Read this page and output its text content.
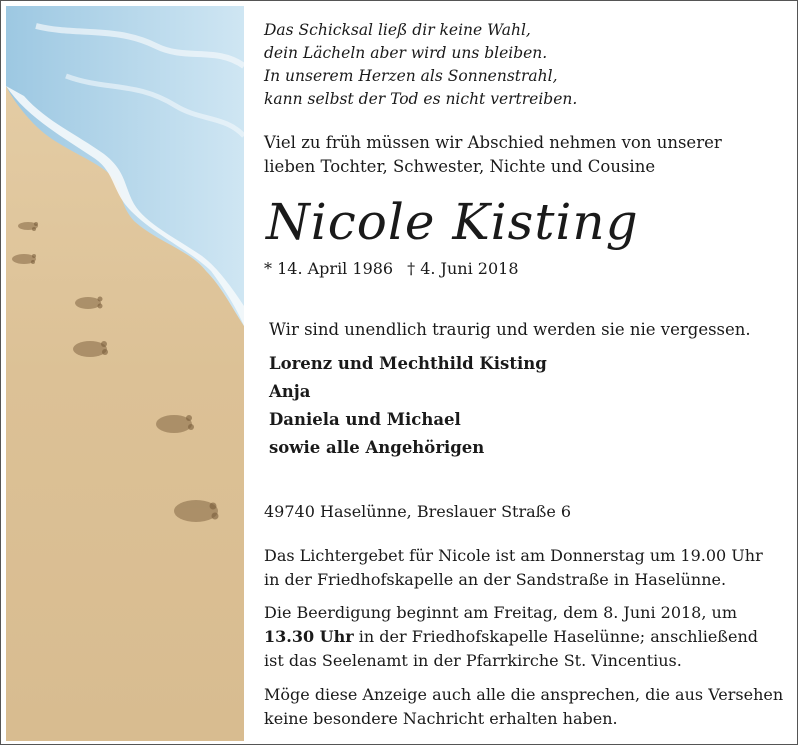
Das Schicksal ließ dir keine Wahl,
dein Lächeln aber wird uns bleiben.
In unserem Herzen als Sonnenstrahl,
kann selbst der Tod es nicht vertreiben.
Viel zu früh müssen wir Abschied nehmen von unserer
lieben Tochter, Schwester, Nichte und Cousine
Nicole Kisting
* 14. April 1986 † 4. Juni 2018
Wir sind unendlich traurig und werden sie nie vergessen.
Lorenz und Mechthild Kisting
Anja
Daniela und Michael
sowie alle Angehörigen
49740 Haselünne, Breslauer Straße 6
Das Lichtergebet für Nicole ist am Donnerstag um 19.00 Uhr
in der Friedhofskapelle an der Sandstraße in Haselünne.
Die Beerdigung beginnt am Freitag, dem 8. Juni 2018, um
13.30 Uhr in der Friedhofskapelle Haselünne; anschließend
ist das Seelenamt in der Pfarrkirche St. Vincentius.
Möge diese Anzeige auch alle die ansprechen, die aus Versehen
keine besondere Nachricht erhalten haben.
